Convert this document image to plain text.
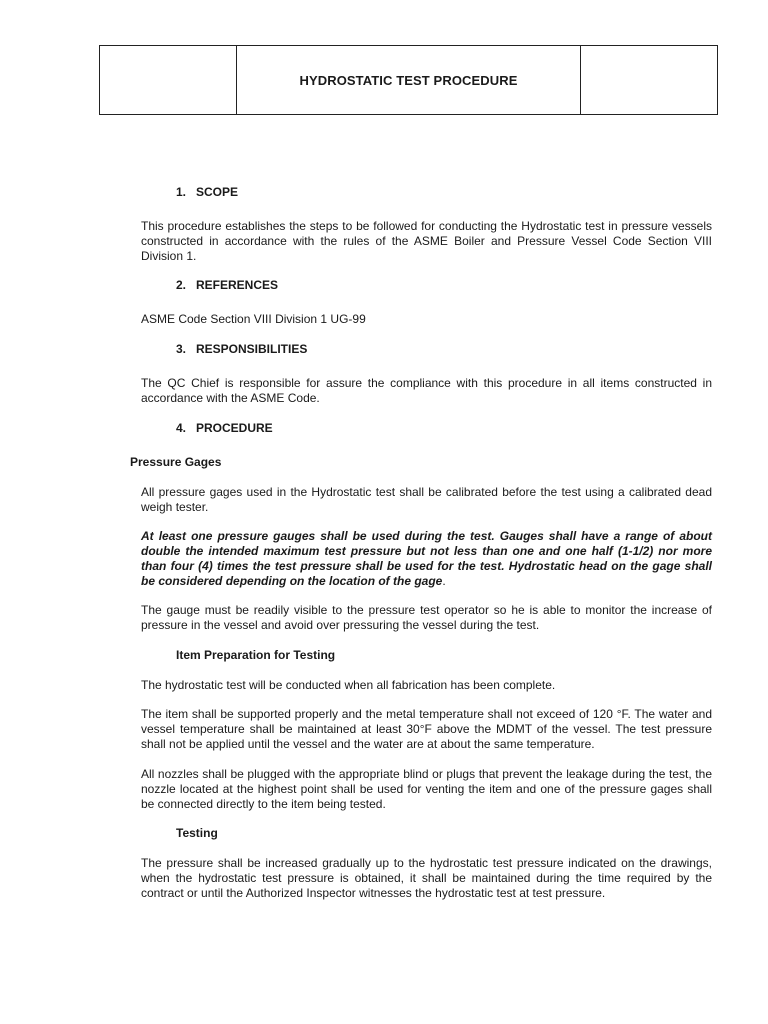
HYDROSTATIC TEST PROCEDURE
1. SCOPE
This procedure establishes the steps to be followed for conducting the Hydrostatic test in pressure vessels constructed in accordance with the rules of the ASME Boiler and Pressure Vessel Code Section VIII Division 1.
2. REFERENCES
ASME Code Section VIII Division 1 UG-99
3. RESPONSIBILITIES
The QC Chief is responsible for assure the compliance with this procedure in all items constructed in accordance with the ASME Code.
4. PROCEDURE
Pressure Gages
All pressure gages used in the Hydrostatic test shall be calibrated before the test using a calibrated dead weigh tester.
At least one pressure gauges shall be used during the test. Gauges shall have a range of about double the intended maximum test pressure but not less than one and one half (1-1/2) nor more than four (4) times the test pressure shall be used for the test. Hydrostatic head on the gage shall be considered depending on the location of the gage.
The gauge must be readily visible to the pressure test operator so he is able to monitor the increase of pressure in the vessel and avoid over pressuring the vessel during the test.
Item Preparation for Testing
The hydrostatic test will be conducted when all fabrication has been complete.
The item shall be supported properly and the metal temperature shall not exceed of 120 °F. The water and vessel temperature shall be maintained at least 30°F above the MDMT of the vessel. The test pressure shall not be applied until the vessel and the water are at about the same temperature.
All nozzles shall be plugged with the appropriate blind or plugs that prevent the leakage during the test, the nozzle located at the highest point shall be used for venting the item and one of the pressure gages shall be connected directly to the item being tested.
Testing
The pressure shall be increased gradually up to the hydrostatic test pressure indicated on the drawings, when the hydrostatic test pressure is obtained, it shall be maintained during the time required by the contract or until the Authorized Inspector witnesses the hydrostatic test at test pressure.
